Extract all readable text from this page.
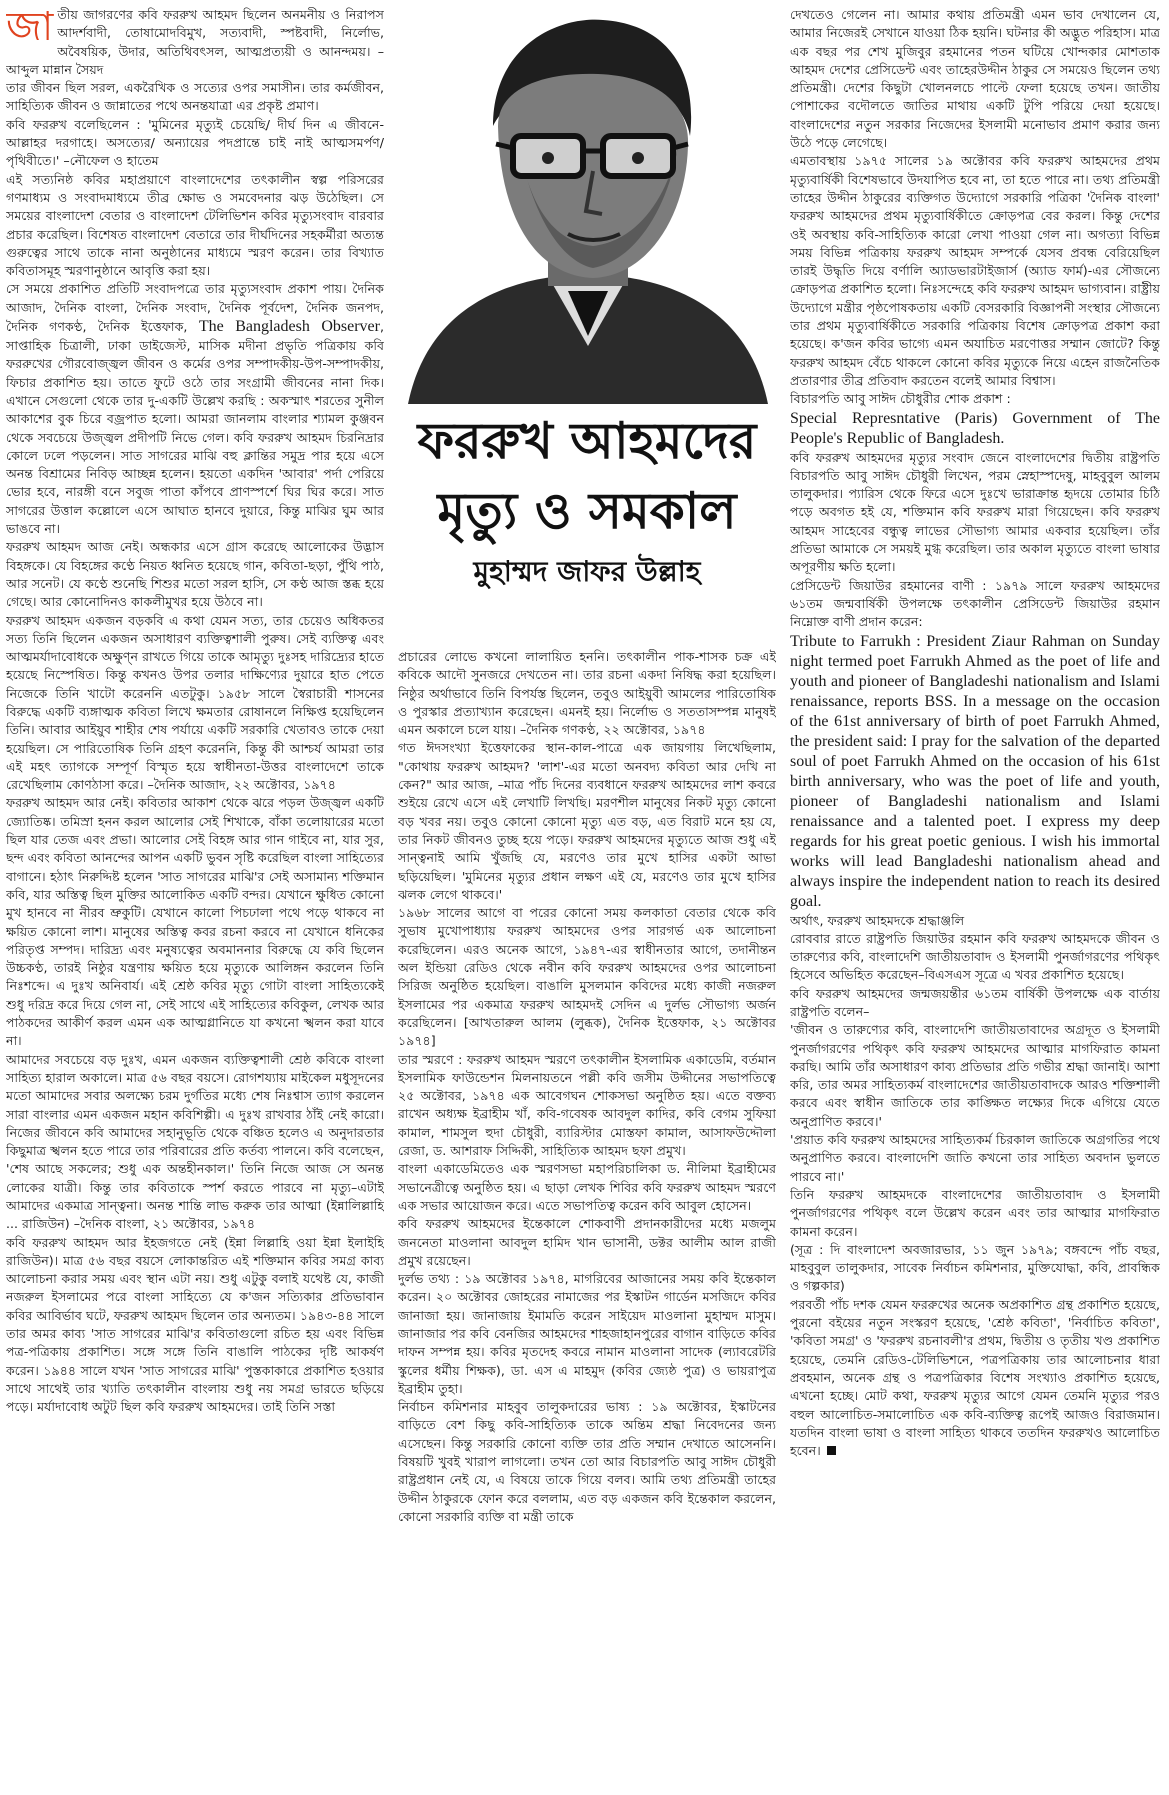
জাতীয় জাগরণের কবি ফররুখ আহমদ ছিলেন অনমনীয় ও নিরাপস আদর্শবাদী, তোষামোদবিমুখ, সত্যবাদী, স্পষ্টবাদী, নির্লোভ, অবৈষয়িক, উদার, অতিথিবৎসল, আত্মপ্রত্যয়ী ও আনন্দময়। –আব্দুল মান্নান সৈয়দ

তার জীবন ছিল সরল, একরৈখিক ও সত্যের ওপর সমাসীন। তার কর্মজীবন, সাহিত্যিক জীবন ও জান্নাতের পথে অনন্তযাত্রা এর প্রকৃষ্ট প্রমাণ।

কবি ফররুখ বলেছিলেন : 'মুমিনের মৃত্যুই চেয়েছি/ দীর্ঘ দিন এ জীবনে- আল্লাহর দরগাহে। অসত্যের/ অন্যায়ের পদপ্রান্তে চাই নাই আত্মসমর্পণ/ পৃথিবীতে।' –নৌফেল ও হাতেম

এই সত্যনিষ্ঠ কবির মহাপ্রয়াণে বাংলাদেশের তৎকালীন স্বল্প পরিসরের গণমাধ্যম ও সংবাদমাধ্যমে তীব্র ক্ষোভ ও সমবেদনার ঝড় উঠেছিল। সে সময়ের বাংলাদেশ বেতার ও বাংলাদেশ টেলিভিশন কবির মৃত্যুসংবাদ বারবার প্রচার করেছিল। বিশেষত বাংলাদেশ বেতারে তার দীর্ঘদিনের সহকর্মীরা অত্যন্ত গুরুত্বের সাথে তাকে নানা অনুষ্ঠানের মাধ্যমে স্মরণ করেন। তার বিখ্যাত কবিতাসমূহ স্মরণানুষ্ঠানে আবৃত্তি করা হয়।

সে সময়ে প্রকাশিত প্রতিটি সংবাদপত্রে তার মৃত্যুসংবাদ প্রকাশ পায়। দৈনিক আজাদ, দৈনিক বাংলা, দৈনিক সংবাদ, দৈনিক পূর্বদেশ, দৈনিক জনপদ, দৈনিক গণকণ্ঠ, দৈনিক ইত্তেফাক, The Bangladesh Observer, সাপ্তাহিক চিত্রালী, ঢাকা ডাইজেস্ট, মাসিক মদীনা প্রভৃতি পত্রিকায় কবি ফররুখের গৌরবোজ্জ্বল জীবন ও কর্মের ওপর সম্পাদকীয়-উপ-সম্পাদকীয়, ফিচার প্রকাশিত হয়। তাতে ফুটে ওঠে তার সংগ্রামী জীবনের নানা দিক। এখানে সেগুলো থেকে তার দু-একটি উল্লেখ করছি : অকস্মাৎ শরতের সুনীল আকাশের বুক চিরে বজ্রপাত হলো। আমরা জানলাম বাংলার শ্যামল কুঞ্জবন থেকে সবচেয়ে উজ্জ্বল প্রদীপটি নিভে গেল। কবি ফররুখ আহমদ চিরনিদ্রার কোলে ঢলে পড়লেন। সাত সাগরের মাঝি বহু ক্লান্তির সমুদ্র পার হয়ে এসে অনন্ত বিশ্রামের নিবিড় আচ্ছন্ন হলেন। হয়তো একদিন 'আবার' পর্দা পেরিয়ে ভোর হবে, নারঙ্গী বনে সবুজ পাতা কাঁপবে প্রাণস্পর্শে ঘির ঘির করে। সাত সাগরের উত্তাল কল্লোলে এসে আঘাত হানবে দুয়ারে, কিন্তু মাঝির ঘুম আর ভাঙবে না।

ফররুখ আহমদ আজ নেই। অন্ধকার এসে গ্রাস করেছে আলোকের উদ্ভাস বিহঙ্গকে। যে বিহঙ্গের কণ্ঠে নিয়ত ধ্বনিত হয়েছে গান, কবিতা-ছড়া, পুঁথি পাঠ, আর সনেট। যে কণ্ঠে শুনেছি শিশুর মতো সরল হাসি, সে কণ্ঠ আজ স্তব্ধ হয়ে গেছে। আর কোনোদিনও কাকলীমুখর হয়ে উঠবে না।

ফররুখ আহমদ একজন বড়কবি এ কথা যেমন সত্য, তার চেয়েও অধিকতর সত্য তিনি ছিলেন একজন অসাধারণ ব্যক্তিত্বশালী পুরুষ। সেই ব্যক্তিত্ব এবং আত্মমর্যাদাবোধকে অক্ষুণ্ন রাখতে গিয়ে তাকে আমৃত্যু দুঃসহ দারিদ্র্যের হাতে হয়েছে নিস্পেষিত। কিন্তু কখনও উপর তলার দাক্ষিণ্যের দুয়ারে হাত পেতে নিজেকে তিনি খাটো করেননি এতটুকু। ১৯৫৮ সালে স্বৈরাচারী শাসনের বিরুদ্ধে একটি ব্যঙ্গাত্মক কবিতা লিখে ক্ষমতার রোষানলে নিক্ষিপ্ত হয়েছিলেন তিনি। আবার আইয়ুব শাহীর শেষ পর্যায়ে একটি সরকারি খেতাবও তাকে দেয়া হয়েছিল। সে পারিতোষিক তিনি গ্রহণ করেননি, কিন্তু কী আশ্চর্য আমরা তার এই মহৎ ত্যাগকে সম্পূর্ণ বিস্মৃত হয়ে স্বাধীনতা-উত্তর বাংলাদেশে তাকে রেখেছিলাম কোণঠাসা করে। –দৈনিক আজাদ, ২২ অক্টোবর, ১৯৭৪

ফররুখ আহমদ আর নেই। কবিতার আকাশ থেকে ঝরে পড়ল উজ্জ্বল একটি জ্যোতিষ্ক। তমিস্রা হনন করল আলোর সেই শিখাকে, বাঁকা তলোয়ারের মতো ছিল যার তেজ এবং প্রভা। আলোর সেই বিহঙ্গ আর গান গাইবে না, যার সুর, ছন্দ এবং কবিতা আনন্দের আপন একটি ভুবন সৃষ্টি করেছিল বাংলা সাহিত্যের বাগানে। হঠাৎ নিরুদ্দিষ্ট হলেন 'সাত সাগরের মাঝি'র সেই অসামান্য শক্তিমান কবি, যার অস্তিত্ব ছিল মুক্তির আলোকিত একটি বন্দর। যেখানে ক্ষুধিত কোনো মুখ হানবে না নীরব ভ্রুকুটি। যেখানে কালো পিচঢালা পথে পড়ে থাকবে না ক্ষয়িত কোনো লাশ। মানুষের অস্তিত্ব কবর রচনা করবে না যেখানে ধনিকের পরিতৃপ্ত সম্পদ। দারিদ্র্য এবং মনুষ্যত্বের অবমাননার বিরুদ্ধে যে কবি ছিলেন উচ্চকণ্ঠ, তারই নিষ্ঠুর যন্ত্রণায় ক্ষয়িত হয়ে মৃত্যুকে আলিঙ্গন করলেন তিনি নিঃশব্দে। এ দুঃখ অনিবার্য। এই শ্রেষ্ঠ কবির মৃত্যু গোটা বাংলা সাহিত্যকেই শুধু দরিদ্র করে দিয়ে গেল না, সেই সাথে এই সাহিত্যের কবিকুল, লেখক আর পাঠকদের আকীর্ণ করল এমন এক আত্মগ্লানিতে যা কখনো স্খলন করা যাবে না।

আমাদের সবচেয়ে বড় দুঃখ, এমন একজন ব্যক্তিত্বশালী শ্রেষ্ঠ কবিকে বাংলা সাহিত্য হারাল অকালে। মাত্র ৫৬ বছর বয়সে। রোগশয্যায় মাইকেল মধুসূদনের মতো আমাদের সবার অলক্ষ্যে চরম দুর্গতির মধ্যে শেষ নিঃশ্বাস ত্যাগ করলেন সারা বাংলার এমন একজন মহান কবিশিল্পী। এ দুঃখ রাখবার ঠাঁই নেই কারো। নিজের জীবনে কবি আমাদের সহানুভূতি থেকে বঞ্চিত হলেও এ অনুদারতার কিছুমাত্র স্খলন হতে পারে তার পরিবারের প্রতি কর্তব্য পালনে। কবি বলেছেন, 'শেষ আছে সকলের; শুধু এক অন্তহীনকাল।' তিনি নিজে আজ সে অনন্ত লোকের যাত্রী। কিন্তু তার কবিতাকে স্পর্শ করতে পারবে না মৃত্যু–এটাই আমাদের একমাত্র সান্ত্বনা। অনন্ত শান্তি লাভ করুক তার আত্মা (ইন্নালিল্লাহি ... রাজিউন) –দৈনিক বাংলা, ২১ অক্টোবর, ১৯৭৪

কবি ফররুখ আহমদ আর ইহজগতে নেই (ইন্না লিল্লাহি ওয়া ইন্না ইলাইহি রাজিউন)। মাত্র ৫৬ বছর বয়সে লোকান্তরিত এই শক্তিমান কবির সমগ্র কাব্য আলোচনা করার সময় এবং স্থান এটা নয়। শুধু এটুকু বলাই যথেষ্ট যে, কাজী নজরুল ইসলামের পরে বাংলা সাহিত্যে যে ক'জন সত্যিকার প্রতিভাবান কবির আবির্ভাব ঘটে, ফররুখ আহমদ ছিলেন তার অন্যতম। ১৯৪৩-৪৪ সালে তার অমর কাব্য 'সাত সাগরের মাঝি'র কবিতাগুলো রচিত হয় এবং বিভিন্ন পত্র-পত্রিকায় প্রকাশিত। সঙ্গে সঙ্গে তিনি বাঙালি পাঠকের দৃষ্টি আকর্ষণ করেন। ১৯৪৪ সালে যখন 'সাত সাগরের মাঝি' পুস্তকাকারে প্রকাশিত হওয়ার সাথে সাথেই তার খ্যাতি তৎকালীন বাংলায় শুধু নয় সমগ্র ভারতে ছড়িয়ে পড়ে। মর্যাদাবোধ অটুট ছিল কবি ফররুখ আহমদের। তাই তিনি সস্তা

ফররুখ আহমদের

মৃত্যু ও সমকাল

মুহাম্মদ জাফর উল্লাহ

প্রচারের লোভে কখনো লালায়িত হননি। তৎকালীন পাক-শাসক চক্র এই কবিকে আদৌ সুনজরে দেখতেন না। তার রচনা একদা নিষিদ্ধ করা হয়েছিল। নিষ্ঠুর অর্থাভাবে তিনি বিপর্যস্ত ছিলেন, তবুও আইয়ুবী আমলের পারিতোষিক ও পুরস্কার প্রত্যাখ্যান করেছেন। এমনই হয়। নির্লোভ ও সততাসম্পন্ন মানুষই এমন অকালে চলে যায়। –দৈনিক গণকণ্ঠ, ২২ অক্টোবর, ১৯৭৪

গত ঈদসংখ্যা ইত্তেফাকের স্থান-কাল-পাত্রে এক জায়গায় লিখেছিলাম, "কোথায় ফররুখ আহমদ? 'লাশ'-এর মতো অনবদ্য কবিতা আর দেখি না কেন?" আর আজ, –মাত্র পাঁচ দিনের ব্যবধানে ফররুখ আহমদের লাশ কবরে শুইয়ে রেখে এসে এই লেখাটি লিখছি। মরণশীল মানুষের নিকট মৃত্যু কোনো বড় খবর নয়। তবুও কোনো কোনো মৃত্যু এত বড়, এত বিরাট মনে হয় যে, তার নিকট জীবনও তুচ্ছ হয়ে পড়ে। ফররুখ আহমদের মৃত্যুতে আজ শুধু এই সান্ত্বনাই আমি খুঁজছি যে, মরণেও তার মুখে হাসির একটা আভা ছড়িয়েছিল। 'মুমিনের মৃত্যুর প্রধান লক্ষণ এই যে, মরণেও তার মুখে হাসির ঝলক লেগে থাকবে।'

১৯৬৮ সালের আগে বা পরের কোনো সময় কলকাতা বেতার থেকে কবি সুভাষ মুখোপাধ্যায় ফররুখ আহমদের ওপর সারগর্ভ এক আলোচনা করেছিলেন। এরও অনেক আগে, ১৯৪৭-এর স্বাধীনতার আগে, তদানীন্তন অল ইন্ডিয়া রেডিও থেকে নবীন কবি ফররুখ আহমদের ওপর আলোচনা সিরিজ অনুষ্ঠিত হয়েছিল। বাঙালি মুসলমান কবিদের মধ্যে কাজী নজরুল ইসলামের পর একমাত্র ফররুখ আহমদই সেদিন এ দুর্লভ সৌভাগ্য অর্জন করেছিলেন। [আখতারুল আলম (লুব্ধক), দৈনিক ইত্তেফাক, ২১ অক্টোবর ১৯৭৪]

তার স্মরণে : ফররুখ আহমদ স্মরণে তৎকালীন ইসলামিক একাডেমি, বর্তমান ইসলামিক ফাউন্ডেশন মিলনায়তনে পল্লী কবি জসীম উদ্দীনের সভাপতিত্বে ২৫ অক্টোবর, ১৯৭৪ এক আবেগঘন শোকসভা অনুষ্ঠিত হয়। এতে বক্তব্য রাখেন অধ্যক্ষ ইব্রাহীম খাঁ, কবি-গবেষক আবদুল কাদির, কবি বেগম সুফিয়া কামাল, শামসুল হুদা চৌধুরী, ব্যারিস্টার মোস্তফা কামাল, আসাফউদ্দৌলা রেজা, ড. আশরাফ সিদ্দিকী, সাহিত্যিক আহমদ ছফা প্রমুখ।

বাংলা একাডেমিতেও এক স্মরণসভা মহাপরিচালিকা ড. নীলিমা ইব্রাহীমের সভানেত্রীত্বে অনুষ্ঠিত হয়। এ ছাড়া লেখক শিবির কবি ফররুখ আহমদ স্মরণে এক সভার আয়োজন করে। এতে সভাপতিত্ব করেন কবি আবুল হোসেন।

কবি ফররুখ আহমদের ইন্তেকালে শোকবাণী প্রদানকারীদের মধ্যে মজলুম জননেতা মাওলানা আবদুল হামিদ খান ভাসানী, ডক্টর আলীম আল রাজী প্রমুখ রয়েছেন।

দুর্লভ তথ্য : ১৯ অক্টোবর ১৯৭৪, মাগরিবের আজানের সময় কবি ইন্তেকাল করেন। ২০ অক্টোবর জোহরের নামাজের পর ইস্কাটন গার্ডেন মসজিদে কবির জানাজা হয়। জানাজায় ইমামতি করেন সাইয়েদ মাওলানা মুহাম্মদ মাসুম। জানাজার পর কবি বেনজির আহমদের শাহজাহানপুরের বাগান বাড়িতে কবির দাফন সম্পন্ন হয়। কবির মৃতদেহ কবরে নামান মাওলানা সাদেক (ল্যাবরেটরি স্কুলের ধর্মীয় শিক্ষক), ডা. এস এ মাহমুদ (কবির জ্যেষ্ঠ পুত্র) ও ভায়রাপুত্র ইব্রাহীম তুহা।

নির্বাচন কমিশনার মাহবুব তালুকদারের ভাষ্য : ১৯ অক্টোবর, ইস্কাটনের বাড়িতে বেশ কিছু কবি-সাহিত্যিক তাকে অন্তিম শ্রদ্ধা নিবেদনের জন্য এসেছেন। কিন্তু সরকারি কোনো ব্যক্তি তার প্রতি সম্মান দেখাতে আসেননি। বিষয়টি খুবই খারাপ লাগলো। তখন তো আর বিচারপতি আবু সাঈদ চৌধুরী রাষ্ট্রপ্রধান নেই যে, এ বিষয়ে তাকে গিয়ে বলব। আমি তথ্য প্রতিমন্ত্রী তাহের উদ্দীন ঠাকুরকে ফোন করে বললাম, এত বড় একজন কবি ইন্তেকাল করলেন, কোনো সরকারি ব্যক্তি বা মন্ত্রী তাকে

দেখতেও গেলেন না। আমার কথায় প্রতিমন্ত্রী এমন ভাব দেখালেন যে, আমার নিজেরই সেখানে যাওয়া ঠিক হয়নি। ঘটনার কী অদ্ভুত পরিহাস। মাত্র এক বছর পর শেখ মুজিবুর রহমানের পতন ঘটিয়ে খোন্দকার মোশতাক আহমদ দেশের প্রেসিডেন্ট এবং তাহেরউদ্দীন ঠাকুর সে সময়েও ছিলেন তথ্য প্রতিমন্ত্রী। দেশের কিছুটা খোলনলচে পাল্টে ফেলা হয়েছে তখন। জাতীয় পোশাকের বদৌলতে জাতির মাথায় একটি টুপি পরিয়ে দেয়া হয়েছে। বাংলাদেশের নতুন সরকার নিজেদের ইসলামী মনোভাব প্রমাণ করার জন্য উঠে পড়ে লেগেছে।

এমতাবস্থায় ১৯৭৫ সালের ১৯ অক্টোবর কবি ফররুখ আহমদের প্রথম মৃত্যুবার্ষিকী বিশেষভাবে উদযাপিত হবে না, তা হতে পারে না। তথ্য প্রতিমন্ত্রী তাহের উদ্দীন ঠাকুরের ব্যক্তিগত উদ্যোগে সরকারি পত্রিকা 'দৈনিক বাংলা' ফররুখ আহমদের প্রথম মৃত্যুবার্ষিকীতে ক্রোড়পত্র বের করল। কিন্তু দেশের ওই অবস্থায় কবি-সাহিত্যিক কারো লেখা পাওয়া গেল না। অগত্যা বিভিন্ন সময় বিভিন্ন পত্রিকায় ফররুখ আহমদ সম্পর্কে যেসব প্রবন্ধ বেরিয়েছিল তারই উদ্ধৃতি দিয়ে বর্ণালি অ্যাডভারটাইজার্স (অ্যাড ফার্ম)-এর সৌজন্যে ক্রোড়পত্র প্রকাশিত হলো। নিঃসন্দেহে কবি ফররুখ আহমদ ভাগ্যবান। রাষ্ট্রীয় উদ্যোগে মন্ত্রীর পৃষ্ঠপোষকতায় একটি বেসরকারি বিজ্ঞাপনী সংস্থার সৌজন্যে তার প্রথম মৃত্যুবার্ষিকীতে সরকারি পত্রিকায় বিশেষ ক্রোড়পত্র প্রকাশ করা হয়েছে। ক'জন কবির ভাগ্যে এমন অযাচিত মরণোত্তর সম্মান জোটে? কিন্তু ফররুখ আহমদ বেঁচে থাকলে কোনো কবির মৃত্যুকে নিয়ে এহেন রাজনৈতিক প্রতারণার তীব্র প্রতিবাদ করতেন বলেই আমার বিশ্বাস।

বিচারপতি আবু সাঈদ চৌধুরীর শোক প্রকাশ :

Special Represntative (Paris) Government of The People's Republic of Bangladesh.

কবি ফররুখ আহমদের মৃত্যুর সংবাদ জেনে বাংলাদেশের দ্বিতীয় রাষ্ট্রপতি বিচারপতি আবু সাঈদ চৌধুরী লিখেন, পরম স্নেহাস্পদেষু, মাহবুবুল আলম তালুকদার। প্যারিস থেকে ফিরে এসে দুঃখে ভারাক্রান্ত হৃদয়ে তোমার চিঠি পড়ে অবগত হই যে, শক্তিমান কবি ফররুখ মারা গিয়েছেন। কবি ফররুখ আহমদ সাহেবের বন্ধুত্ব লাভের সৌভাগ্য আমার একবার হয়েছিল। তাঁর প্রতিভা আমাকে সে সময়ই মুগ্ধ করেছিল। তার অকাল মৃত্যুতে বাংলা ভাষার অপূরণীয় ক্ষতি হলো।

প্রেসিডেন্ট জিয়াউর রহমানের বাণী : ১৯৭৯ সালে ফররুখ আহমদের ৬১তম জন্মবার্ষিকী উপলক্ষে তৎকালীন প্রেসিডেন্ট জিয়াউর রহমান নিম্নোক্ত বাণী প্রদান করেন:

Tribute to Farrukh : President Ziaur Rahman on Sunday night termed poet Farrukh Ahmed as the poet of life and youth and pioneer of Bangladeshi nationalism and Islami renaissance, reports BSS. In a message on the occasion of the 61st anniversary of birth of poet Farrukh Ahmed, the president said: I pray for the salvation of the departed soul of poet Farrukh Ahmed on the occasion of his 61st birth anniversary, who was the poet of life and youth, pioneer of Bangladeshi nationalism and Islami renaissance and a talented poet. I express my deep regards for his great poetic genious. I wish his immortal works will lead Bangladeshi nationalism ahead and always inspire the independent nation to reach its desired goal.

অর্থাৎ, ফররুখ আহমদকে শ্রদ্ধাঞ্জলি

রোববার রাতে রাষ্ট্রপতি জিয়াউর রহমান কবি ফররুখ আহমদকে জীবন ও তারুণ্যের কবি, বাংলাদেশি জাতীয়তাবাদ ও ইসলামী পুনর্জাগরণের পথিকৃৎ হিসেবে অভিহিত করেছেন–বিএসএস সূত্রে এ খবর প্রকাশিত হয়েছে।

কবি ফররুখ আহমদের জন্মজয়ন্তীর ৬১তম বার্ষিকী উপলক্ষে এক বার্তায় রাষ্ট্রপতি বলেন–

'জীবন ও তারুণ্যের কবি, বাংলাদেশি জাতীয়তাবাদের অগ্রদূত ও ইসলামী পুনর্জাগরণের পথিকৃৎ কবি ফররুখ আহমদের আত্মার মাগফিরাত কামনা করছি। আমি তাঁর অসাধারণ কাব্য প্রতিভার প্রতি গভীর শ্রদ্ধা জানাই। আশা করি, তার অমর সাহিত্যকর্ম বাংলাদেশের জাতীয়তাবাদকে আরও শক্তিশালী করবে এবং স্বাধীন জাতিকে তার কাঙ্ক্ষিত লক্ষ্যের দিকে এগিয়ে যেতে অনুপ্রাণিত করবে।'

'প্রয়াত কবি ফররুখ আহমদের সাহিত্যকর্ম চিরকাল জাতিকে অগ্রগতির পথে অনুপ্রাণিত করবে। বাংলাদেশি জাতি কখনো তার সাহিত্য অবদান ভুলতে পারবে না।'

তিনি ফররুখ আহমদকে বাংলাদেশের জাতীয়তাবাদ ও ইসলামী পুনর্জাগরণের পথিকৃৎ বলে উল্লেখ করেন এবং তার আত্মার মাগফিরাত কামনা করেন।

(সূত্র : দি বাংলাদেশ অবজারভার, ১১ জুন ১৯৭৯; বঙ্গবন্দে পাঁচ বছর, মাহবুবুল তালুকদার, সাবেক নির্বাচন কমিশনার, মুক্তিযোদ্ধা, কবি, প্রাবন্ধিক ও গল্পকার)

পরবর্তী পাঁচ দশক যেমন ফররুখের অনেক অপ্রকাশিত গ্রন্থ প্রকাশিত হয়েছে, পুরনো বইয়ের নতুন সংস্করণ হয়েছে, 'শ্রেষ্ঠ কবিতা', 'নির্বাচিত কবিতা', 'কবিতা সমগ্র' ও 'ফররুখ রচনাবলী'র প্রথম, দ্বিতীয় ও তৃতীয় খণ্ড প্রকাশিত হয়েছে, তেমনি রেডিও-টেলিভিশনে, পত্রপত্রিকায় তার আলোচনার ধারা প্রবহমান, অনেক গ্রন্থ ও পত্রপত্রিকার বিশেষ সংখ্যাও প্রকাশিত হয়েছে, এখনো হচ্ছে। মোট কথা, ফররুখ মৃত্যুর আগে যেমন তেমনি মৃত্যুর পরও বহুল আলোচিত-সমালোচিত এক কবি-ব্যক্তিত্ব রূপেই আজও বিরাজমান। যতদিন বাংলা ভাষা ও বাংলা সাহিত্য থাকবে ততদিন ফররুখও আলোচিত হবেন।
